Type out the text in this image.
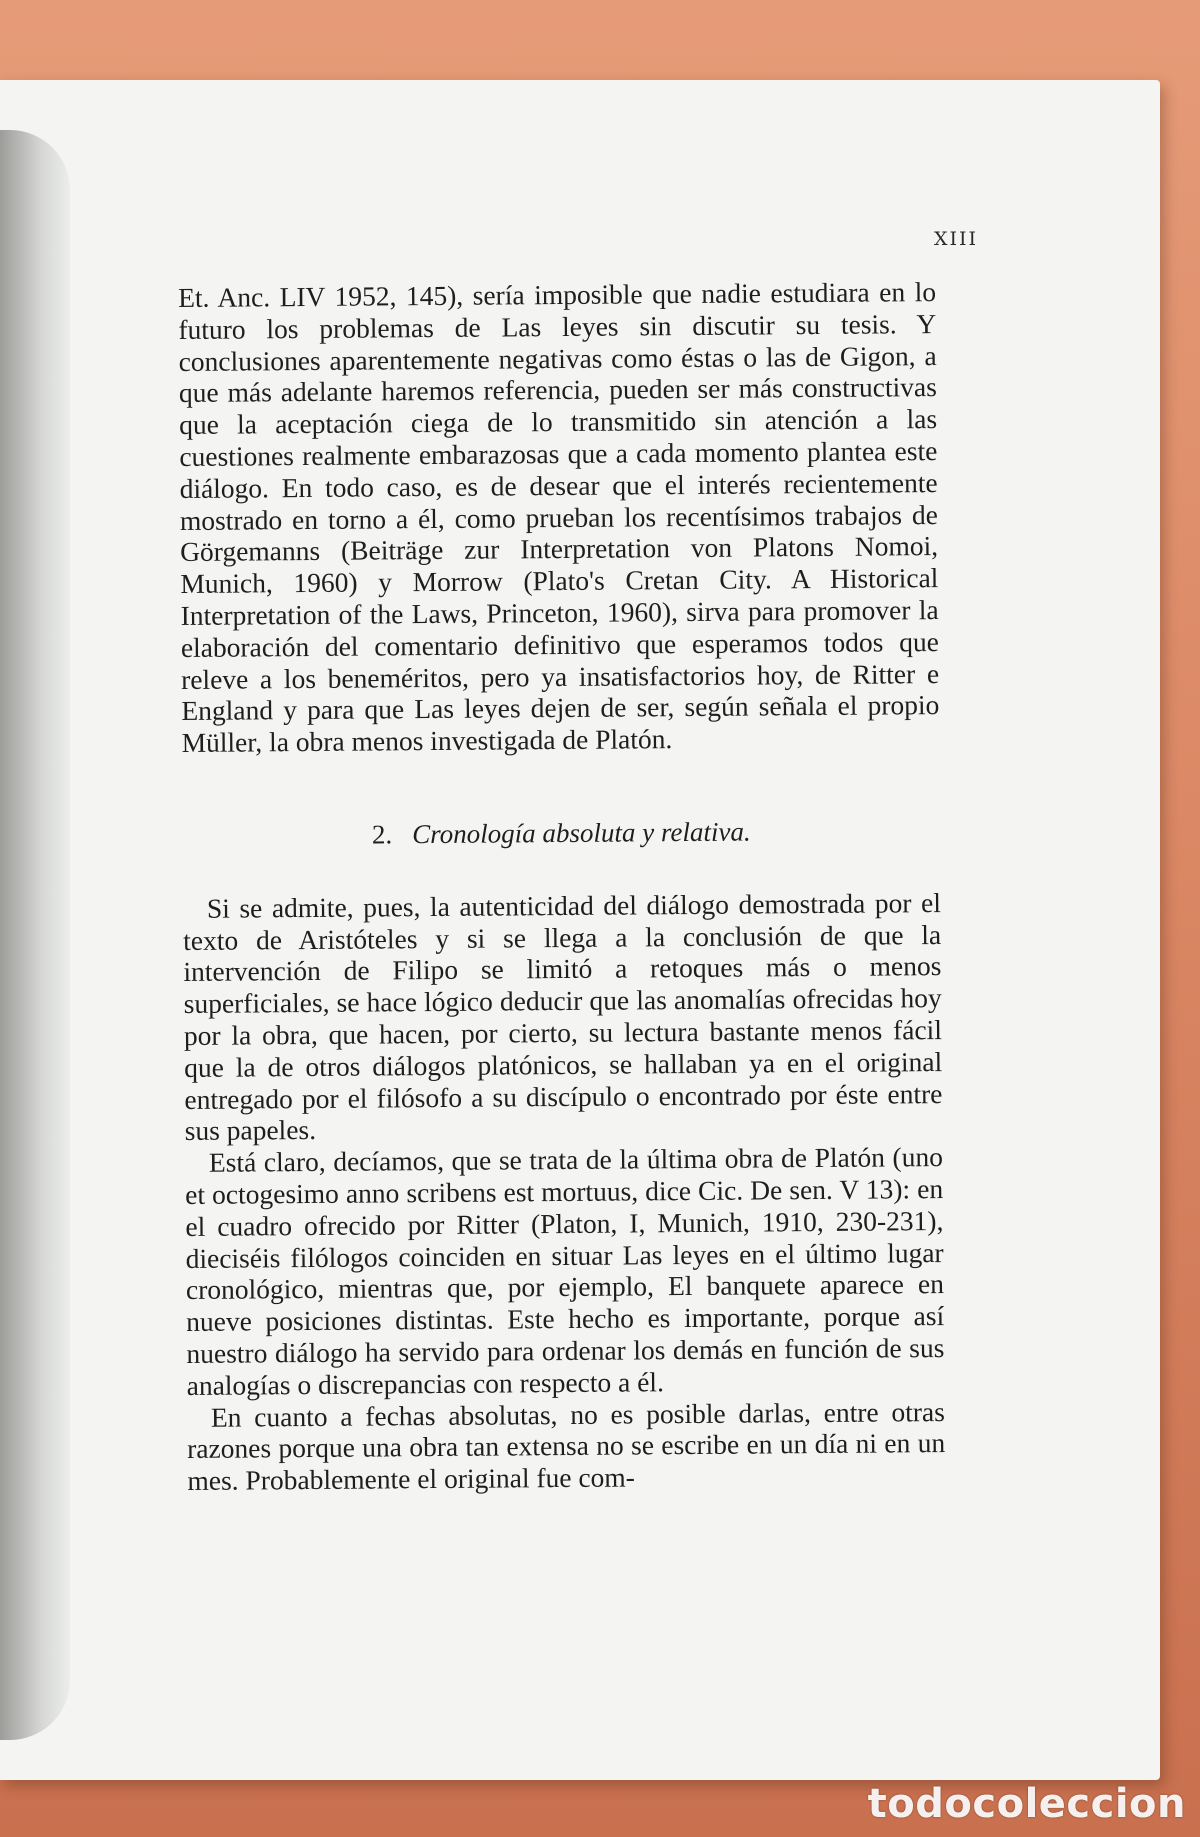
XIII

Et. Anc. LIV 1952, 145), sería imposible que nadie estudiara en lo futuro los problemas de Las leyes sin discutir su tesis. Y conclusiones aparentemente negativas como éstas o las de Gigon, a que más adelante haremos referencia, pueden ser más constructivas que la aceptación ciega de lo transmitido sin atención a las cuestiones realmente embarazosas que a cada momento plantea este diálogo. En todo caso, es de desear que el interés recientemente mostrado en torno a él, como prueban los recentísimos trabajos de Görgemanns (Beiträge zur Interpretation von Platons Nomoi, Munich, 1960) y Morrow (Plato's Cretan City. A Historical Interpretation of the Laws, Princeton, 1960), sirva para promover la elaboración del comentario definitivo que esperamos todos que releve a los beneméritos, pero ya insatisfactorios hoy, de Ritter e England y para que Las leyes dejen de ser, según señala el propio Müller, la obra menos investigada de Platón.

2. Cronología absoluta y relativa.

Si se admite, pues, la autenticidad del diálogo demostrada por el texto de Aristóteles y si se llega a la conclusión de que la intervención de Filipo se limitó a retoques más o menos superficiales, se hace lógico deducir que las anomalías ofrecidas hoy por la obra, que hacen, por cierto, su lectura bastante menos fácil que la de otros diálogos platónicos, se hallaban ya en el original entregado por el filósofo a su discípulo o encontrado por éste entre sus papeles.

Está claro, decíamos, que se trata de la última obra de Platón (uno et octogesimo anno scribens est mortuus, dice Cic. De sen. V 13): en el cuadro ofrecido por Ritter (Platon, I, Munich, 1910, 230-231), dieciséis filólogos coinciden en situar Las leyes en el último lugar cronológico, mientras que, por ejemplo, El banquete aparece en nueve posiciones distintas. Este hecho es importante, porque así nuestro diálogo ha servido para ordenar los demás en función de sus analogías o discrepancias con respecto a él.

En cuanto a fechas absolutas, no es posible darlas, entre otras razones porque una obra tan extensa no se escribe en un día ni en un mes. Probablemente el original fue com-

todocoleccion
